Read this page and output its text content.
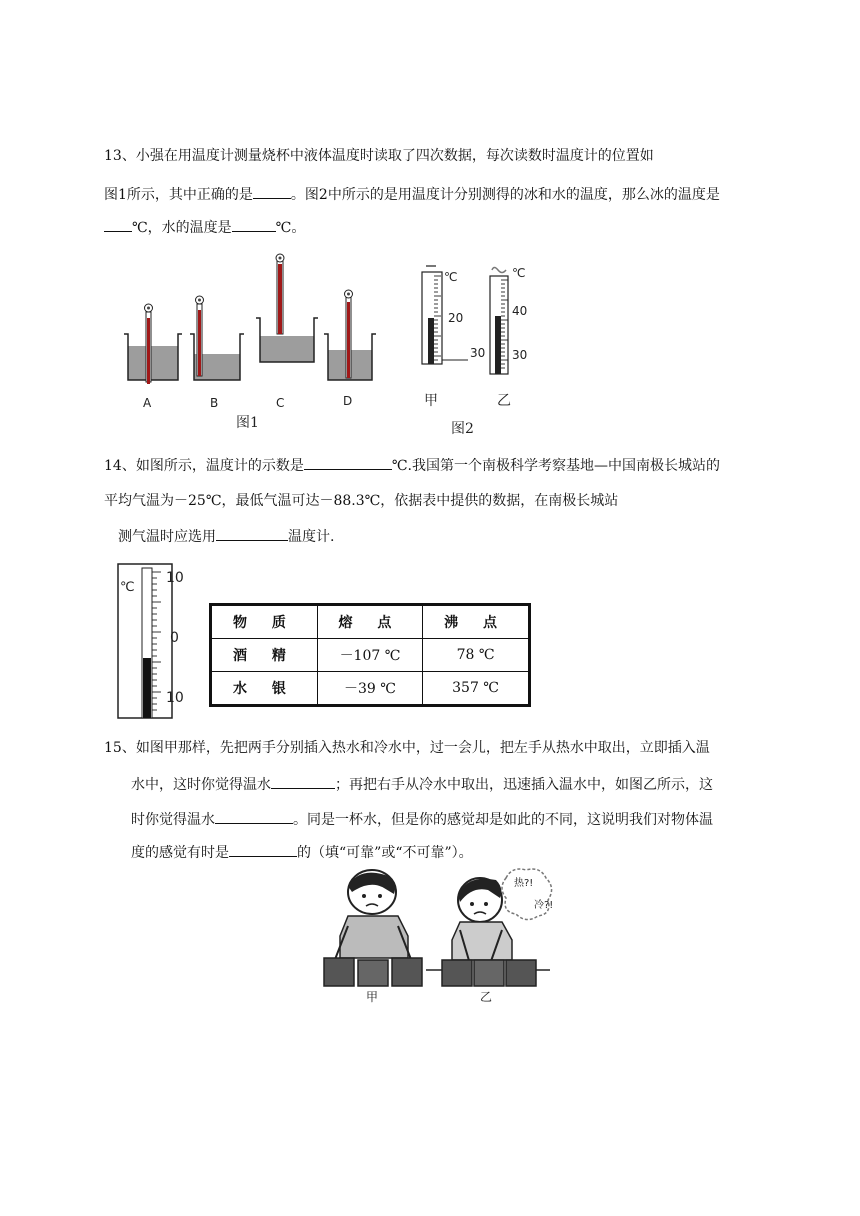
13、小强在用温度计测量烧杯中液体温度时读取了四次数据，每次读数时温度计的位置如
图1所示，其中正确的是	。图2中所示的是用温度计分别测得的冰和水的温度，那么冰的温度是
℃，水的温度是	℃。
A	B	C	D
图1
℃
20
30
℃
40
30
甲	乙
图2
14、如图所示，温度计的示数是	℃.我国第一个南极科学考察基地—中国南极长城站的
平均气温为－25℃，最低气温可达－88.3℃，依据表中提供的数据，在南极长城站
测气温时应选用	温度计.
℃
10
0
10
物 质	熔 点	沸 点
酒 精	－107 ℃	78 ℃
水 银	－39 ℃	357 ℃
15、如图甲那样，先把两手分别插入热水和冷水中，过一会儿，把左手从热水中取出，立即插入温
水中，这时你觉得温水	；再把右手从冷水中取出，迅速插入温水中，如图乙所示，这
时你觉得温水	。同是一杯水，但是你的感觉却是如此的不同，这说明我们对物体温
度的感觉有时是	的（填“可靠”或“不可靠”）。
热?!
冷?!
甲	乙
